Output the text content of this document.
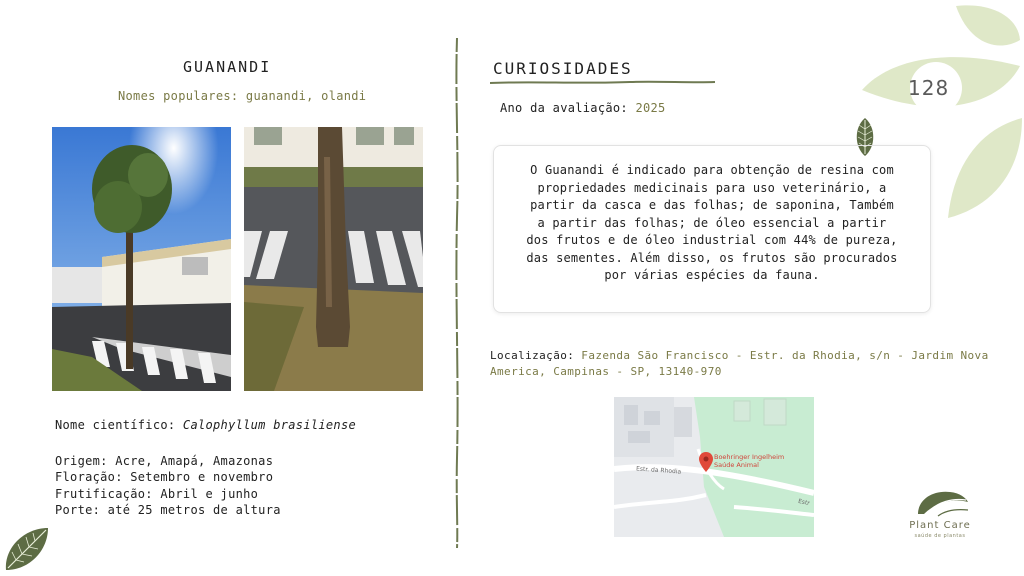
GUANANDI
Nomes populares: guanandi, olandi
Nome científico: Calophyllum brasiliense
Origem: Acre, Amapá, Amazonas
Floração: Setembro e novembro
Frutificação: Abril e junho
Porte: até 25 metros de altura
CURIOSIDADES
Ano da avaliação: 2025

O Guanandi é indicado para obtenção de resina com propriedades medicinais para uso veterinário, a partir da casca e das folhas; de saponina, Também a partir das folhas; de óleo essencial a partir dos frutos e de óleo industrial com 44% de pureza, das sementes. Além disso, os frutos são procurados por várias espécies da fauna.

Localização: Fazenda São Francisco - Estr. da Rhodia, s/n - Jardim Nova America, Campinas - SP, 13140-970
Boehringer Ingelheim
Saúde Animal
Estr. da Rhodia
Estr
128
Plant Care
saúde de plantas
